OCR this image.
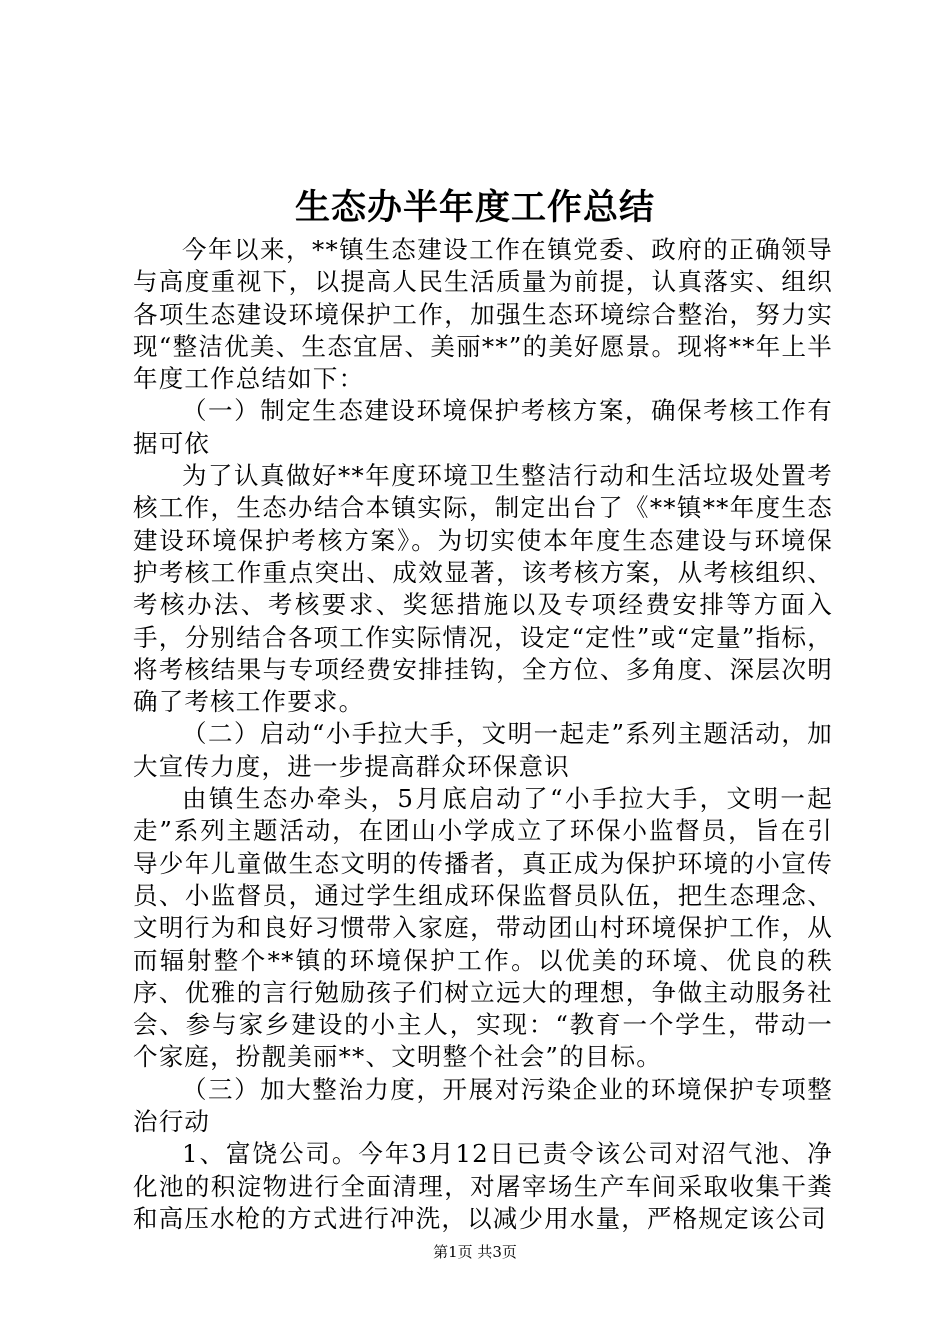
生态办半年度工作总结

今年以来，**镇生态建设工作在镇党委、政府的正确领导与高度重视下，以提高人民生活质量为前提，认真落实、组织各项生态建设环境保护工作，加强生态环境综合整治，努力实现“整洁优美、生态宜居、美丽**”的美好愿景。现将**年上半年度工作总结如下：

（一）制定生态建设环境保护考核方案，确保考核工作有据可依

为了认真做好**年度环境卫生整洁行动和生活垃圾处置考核工作，生态办结合本镇实际，制定出台了《**镇**年度生态建设环境保护考核方案》。为切实使本年度生态建设与环境保护考核工作重点突出、成效显著，该考核方案，从考核组织、考核办法、考核要求、奖惩措施以及专项经费安排等方面入手，分别结合各项工作实际情况，设定“定性”或“定量”指标，将考核结果与专项经费安排挂钩，全方位、多角度、深层次明确了考核工作要求。

（二）启动“小手拉大手，文明一起走”系列主题活动，加大宣传力度，进一步提高群众环保意识

由镇生态办牵头，5月底启动了“小手拉大手，文明一起走”系列主题活动，在团山小学成立了环保小监督员，旨在引导少年儿童做生态文明的传播者，真正成为保护环境的小宣传员、小监督员，通过学生组成环保监督员队伍，把生态理念、文明行为和良好习惯带入家庭，带动团山村环境保护工作，从而辐射整个**镇的环境保护工作。以优美的环境、优良的秩序、优雅的言行勉励孩子们树立远大的理想，争做主动服务社会、参与家乡建设的小主人，实现：“教育一个学生，带动一个家庭，扮靓美丽**、文明整个社会”的目标。

（三）加大整治力度，开展对污染企业的环境保护专项整治行动

1、富饶公司。今年3月12日已责令该公司对沼气池、净化池的积淀物进行全面清理，对屠宰场生产车间采取收集干粪和高压水枪的方式进行冲洗，以减少用水量，严格规定该公司

第1页 共3页
